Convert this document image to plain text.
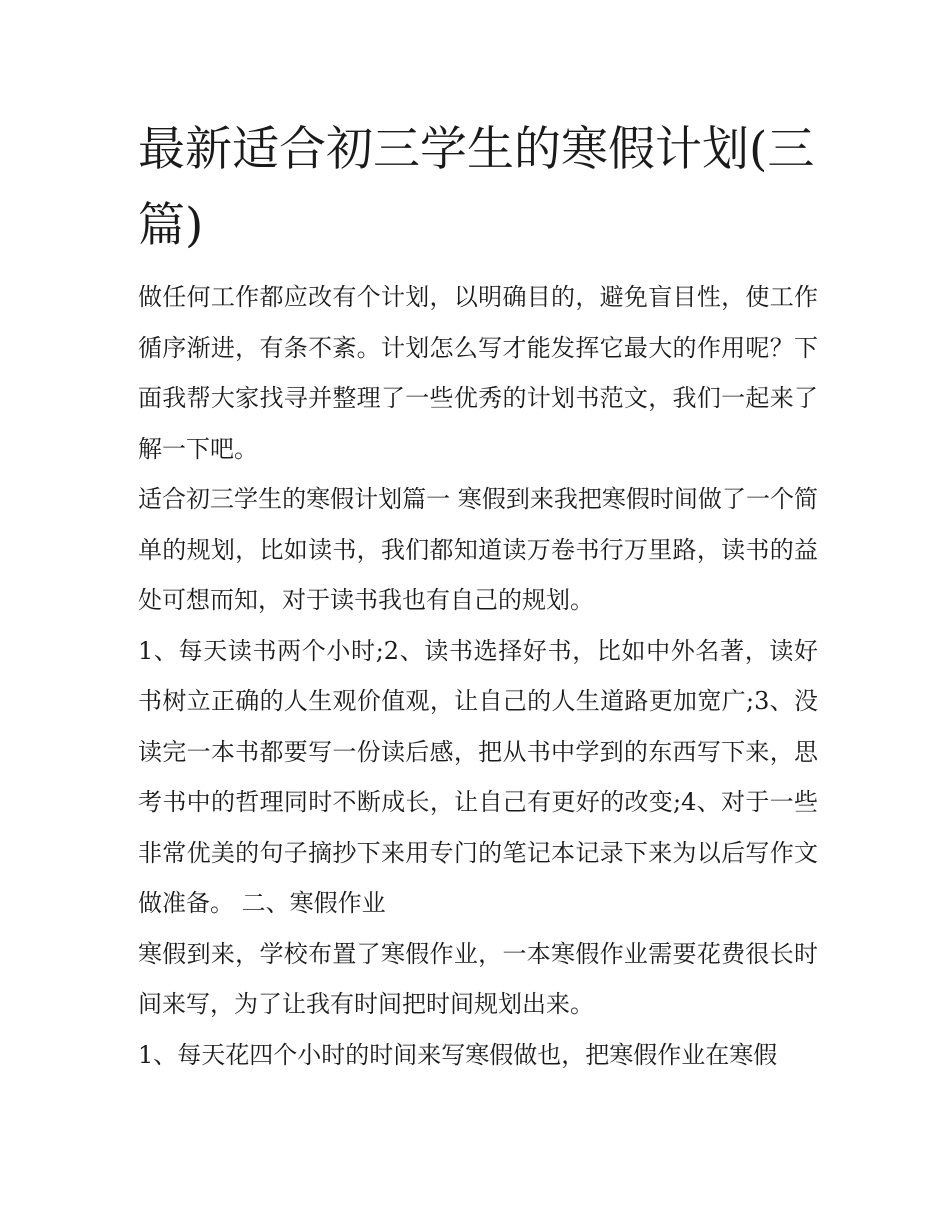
最新适合初三学生的寒假计划(三篇)

做任何工作都应改有个计划，以明确目的，避免盲目性，使工作循序渐进，有条不紊。计划怎么写才能发挥它最大的作用呢？下面我帮大家找寻并整理了一些优秀的计划书范文，我们一起来了解一下吧。

适合初三学生的寒假计划篇一 寒假到来我把寒假时间做了一个简单的规划，比如读书，我们都知道读万卷书行万里路，读书的益处可想而知，对于读书我也有自己的规划。

1、每天读书两个小时;2、读书选择好书，比如中外名著，读好书树立正确的人生观价值观，让自己的人生道路更加宽广;3、没读完一本书都要写一份读后感，把从书中学到的东西写下来，思考书中的哲理同时不断成长，让自己有更好的改变;4、对于一些非常优美的句子摘抄下来用专门的笔记本记录下来为以后写作文做准备。 二、寒假作业

寒假到来，学校布置了寒假作业，一本寒假作业需要花费很长时间来写，为了让我有时间把时间规划出来。

1、每天花四个小时的时间来写寒假做也，把寒假作业在寒假
